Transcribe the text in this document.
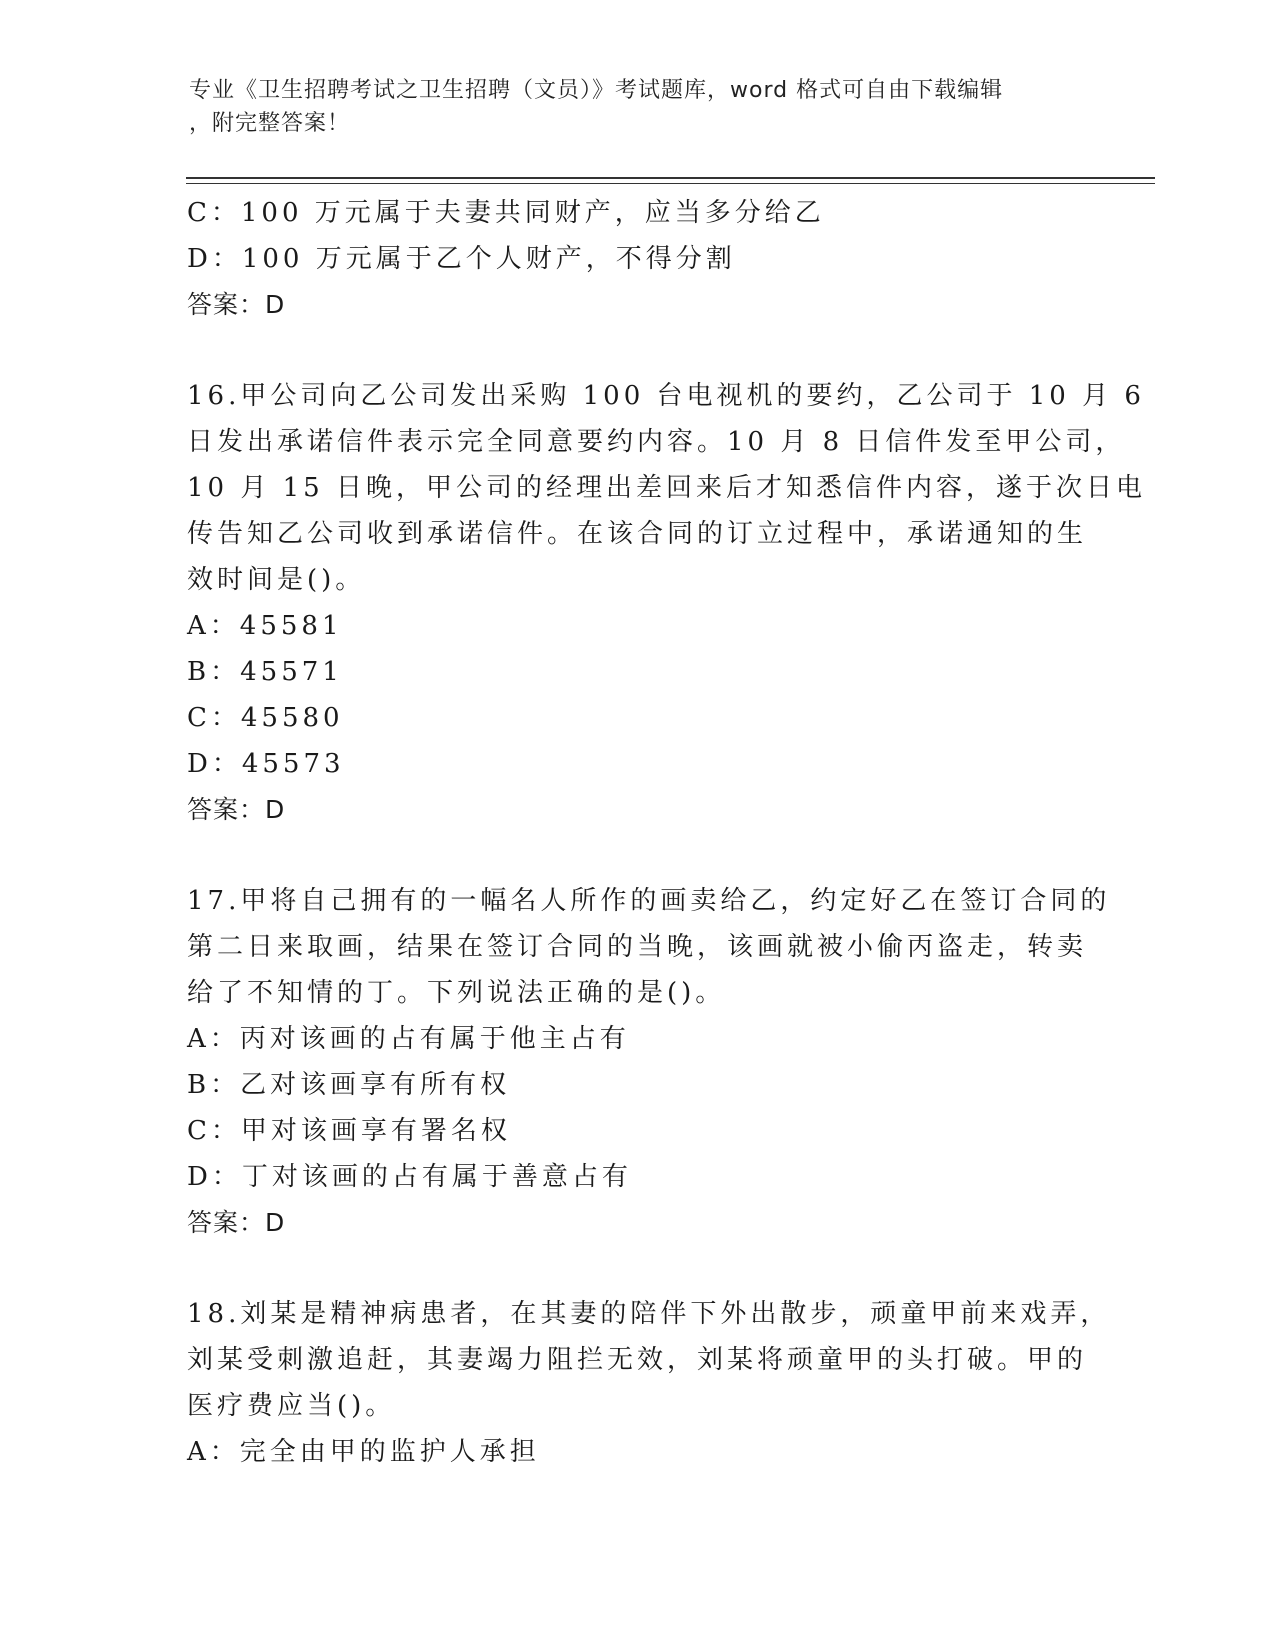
专业《卫生招聘考试之卫生招聘（文员）》考试题库，word 格式可自由下载编辑
，附完整答案！
C：100 万元属于夫妻共同财产，应当多分给乙
D：100 万元属于乙个人财产，不得分割
答案：D
16.甲公司向乙公司发出采购 100 台电视机的要约，乙公司于 10 月 6
日发出承诺信件表示完全同意要约内容。10 月 8 日信件发至甲公司，
10 月 15 日晚，甲公司的经理出差回来后才知悉信件内容，遂于次日电
传告知乙公司收到承诺信件。在该合同的订立过程中，承诺通知的生
效时间是()。
A：45581
B：45571
C：45580
D：45573
答案：D
17.甲将自己拥有的一幅名人所作的画卖给乙，约定好乙在签订合同的
第二日来取画，结果在签订合同的当晚，该画就被小偷丙盗走，转卖
给了不知情的丁。下列说法正确的是()。
A：丙对该画的占有属于他主占有
B：乙对该画享有所有权
C：甲对该画享有署名权
D：丁对该画的占有属于善意占有
答案：D
18.刘某是精神病患者，在其妻的陪伴下外出散步，顽童甲前来戏弄，
刘某受刺激追赶，其妻竭力阻拦无效，刘某将顽童甲的头打破。甲的
医疗费应当()。
A：完全由甲的监护人承担
